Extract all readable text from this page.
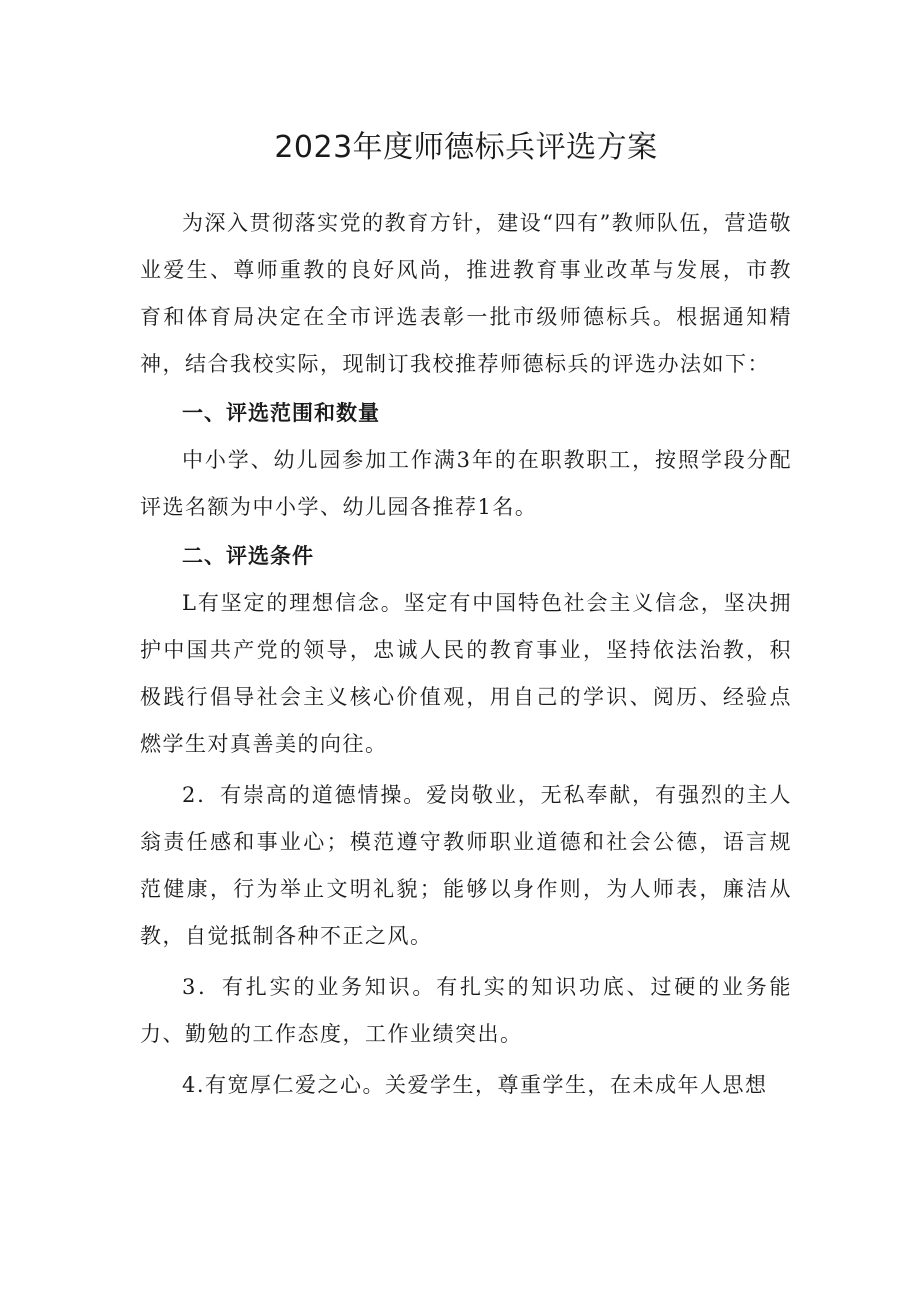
2023年度师德标兵评选方案

为深入贯彻落实党的教育方针，建设“四有”教师队伍，营造敬业爱生、尊师重教的良好风尚，推进教育事业改革与发展，市教育和体育局决定在全市评选表彰一批市级师德标兵。根据通知精神，结合我校实际，现制订我校推荐师德标兵的评选办法如下：

一、评选范围和数量

中小学、幼儿园参加工作满3年的在职教职工，按照学段分配评选名额为中小学、幼儿园各推荐1名。

二、评选条件

L有坚定的理想信念。坚定有中国特色社会主义信念，坚决拥护中国共产党的领导，忠诚人民的教育事业，坚持依法治教，积极践行倡导社会主义核心价值观，用自己的学识、阅历、经验点燃学生对真善美的向往。

2．有崇高的道德情操。爱岗敬业，无私奉献，有强烈的主人翁责任感和事业心；模范遵守教师职业道德和社会公德，语言规范健康，行为举止文明礼貌；能够以身作则，为人师表，廉洁从教，自觉抵制各种不正之风。

3．有扎实的业务知识。有扎实的知识功底、过硬的业务能力、勤勉的工作态度，工作业绩突出。

4.有宽厚仁爱之心。关爱学生，尊重学生，在未成年人思想
